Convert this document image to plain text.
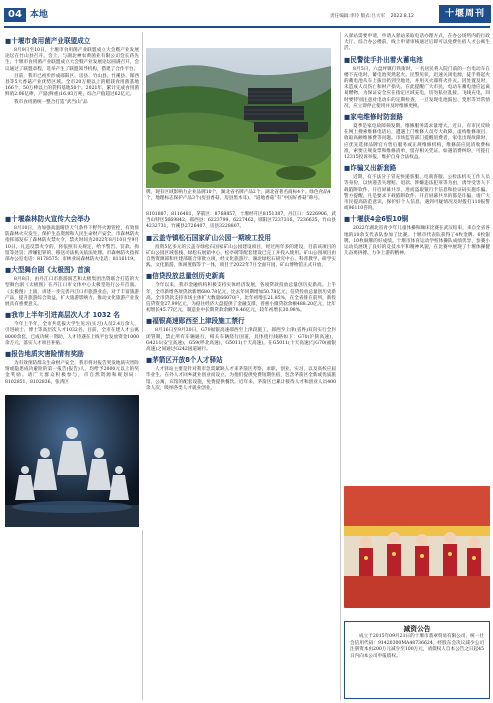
04 本地	责任编辑:李玲 版式:吕大军 2022.8.12	十堰周刊
■十堰市食用菌产业联盟成立
8月9日至10日，十堰市食用菌产业联盟成立大会暨产业发展论坛在竹山县召开。会上，与湖北神农黄菌业有限公司会长蒋先生、十堰市食用菌产业联盟成立大会暨产业发展论坛圆满召开，会议通过了联盟章程，选举产生了联盟领导机构，搭建了合作平台。
目前，我市已初步形成郧阳区、房县、竹山县、竹溪县、郧西县等5大香菇产业优势区域。全市20万椴以上的椴栽食用菌基地166个，50万棒以上的袋料基地50个。2021年，累计完成食用菌鲜销2.06亿棒，产量(鲜重)16.93万吨，综合产值超过62亿元。
我市食用菌统一整合打造“武当山”品
牌，现有区域影响力企业品牌10个，湖北省名牌产品2个，湖北省著名商标4个。绿色食品4个，地理标志保护产品3个(房县香菇、房县黑木耳)、“道地香菇”有“中国好香菇”称号。
■十堰森林防火宣传大会举办
8月10日，为加强高温晴热天气条件下野外火源管控，有效预防森林火灾发生，保护生态资源和人民生命财产安全，市森林防火指挥部发布了森林防火禁火令，禁火时间为2022年8月10日至9月10日。凡违反禁火令的，将依照有关规定，给予警告、罚款、拘留等处罚；涉嫌犯罪的，移送司法机关依法处理。市森林防火指挥部办公室电话：8178575；市林业局森林防火电话：8116119。
■大型舞台剧《太极图》首演
8月8日，由丹江口市旅游演艺和太极集团出资联合打造的大型舞台剧《太极图》在丹江口市文体中心太极堂进行公开首演。《太极图》上演，讲述一步完善丹江口市旅游业态，对于丰富旅游产品，提升旅游综合效益，扩大旅游影响力，推动文化旅游产业发展具有重要意义。
■我市上半年引进高层次人才 1032 名
今年上半年，全市共选拔大学生见习(实习)人员2.4万余人，引进硕士、博士等高层次人才1032名。目前，全市在建人才公寓8000余套，已成功统一资助，人才待遇在上线平台发放资金1000余万元，落实人才项目补贴。
■报告地质灾害险情有奖励
为有效预防群众生命财产安全，我市将对报告突发地质灾害险情或隐患成功避险的第一报告(报告)人，均给予2000元以上的奖金奖励。请广大群众积极参与，市自然资源和规划局：8102851、8102836，张湾区
8101887、8116481，茅箭区：8768857，十堰经开区8151387，丹江口：5226906，武当山特区5669842，郧西县：6223799、6227462，郧阳区7237316、7236635，竹山县4232731，竹溪县2726407，房县3228807。
■云盖寺镇松石国家矿山公园一期竣工投用
投资5亿多元的云盖寺绿松石国家矿山公园建设项目，经过两年多的建设，目前该项目的矿山公园区域客栈、绿松石展销中心、松亭碑等配套建设已完工并投入使用。矿山公园项目由自然资源部和住建部联合审批立项，经文化旅游厅、湖北绿松石研究中心、科普教学、研学实践、文化旅游、体闲度假等于一体，项目于2022年7月全面开园，矿山博物馆正式开放。
■信贷投放总量创历史新高
今年以来，我市金融机构积极支持实体经济发展，各项贷款投放总量创历史新高。上半年，全市新增各项贷款新增680.78亿元，比去年同期增加50.78亿元，信贷投放总量创历史新高。全市贷款支持市场主体扩大数量66070户，比年初增长21.85%，在全省排在前列，新投信贷资金27.99亿元，为稳住经济大盘提供了金融支撑，普惠小微贷款余额488.20亿元，比年初增长45.77亿元，制造业中长期贷款余额78.46亿元，较年初增长30.98%。
■福银高速郧西至上津段施工禁行
8月16日至9月30日，G70福银高速郧西至上津段施工，郧西至上津(省界)双向实行全封闭管制，禁止所有车辆通行，相关车辆绕行国道，具体绕行线路如下：G70(沪陕高速)，G4211(安宝高速)，G59(呼北高速)，G5011(十天高速)，在G5011(十天高速)与G70(福银高速)之间通过G242国道通行。
■茅箭区开放8个人才驿站
人才驿站主要是针对我市急需紧缺人才来茅箭区考察、求职、创业、实习，以及高校应届毕业生、在外人才回乡就业创业而设立，为他们提供免费短期住宿，包含茅箭区全新或优质旅馆、公寓、宾馆的配套设施，免费提供餐饮。近年来，茅箭区已累计接待人才和创业人员400余人次，吸纳各类人才就业创业。
入驿站需要申请，申请入驿站采取电话办理方式，在办公场所内的行政大厅、综合办公楼前，线上申请审核通过后即可以免费住宿人才公寓生活。
■民警徒手扑出着火蓄电池
8月5日，六盘坪镇打铁街时，一名居民将入院门前的一台电动车在楼下充电时，蓄电池突然起火。民警见状，迅速关闭电源，徒手将起火的蓄电池从车上拔出扔到空地处，并用灭火器将火扑灭。因处置及时，未造成人员伤亡和财产损失。在此提醒广大市民，电动车蓄电池应远离易燃物，为保证安全应在指定区域充电，切勿私拉乱接、飞线充电，同时要特别注意对电动车的定期检查，一旦发现电池鼓包、变形等异常情况，应立即停止使用并及时维修更换。
■家电维修时防套路
夏季是家电故障频发期，维修服务需求量增大。近日，有市民反映在网上搜索维修电话后，遭遇上门维修人员夸大故障、虚构维修项目、收取高额维修费等问题。市场监管部门提醒消费者，家电出现故障时，应优先选择品牌官方售后服务或正规维修机构，维修前应问清收费标准，索要正规发票和维修清单，留存相关凭证。如遇消费纠纷，可拨打12315投诉举报，维护自身合法权益。
■诈骗又出新套路
近期，有不法分子冒充快递客服、电商客服、公检法机关工作人员等身份，以快递丢失理赔、退款、涉嫌违法犯罪等为由，诱导受害人下载陷阱软件、开启屏幕共享，进而盗取银行卡信息和验证码实施诈骗。警方提醒，凡是要求下载陷阱软件、开启屏幕共享的都是诈骗，请广大市民提高防范意识，保护好个人信息，遇到可疑情况及时拨打110报警或96110咨询。
■十堰获4金6银10铜
2022年湖北省青少年儿童体操和蹦床比赛在武汉结束，来自全省各地的10余支代表队参加了比赛。十堰市代表队获得了4枚金牌、6枚银牌、10枚铜牌的好成绩。十堰市体育运动学校体操队成绩优异，参赛小运动员展现了良好的竞技水平和精神风貌，在比赛中展现了十堰体操健儿奋勇拼搏、力争上游的精神。
减资公告
成立于2015年09月21日的十堰市翡翠贸易有限公司，统一社会信用代码：91420300MA48736624，经股东会决议减少公司注册资本由200万元减少至100万元，请债权人自本公告之日起45日内向本公司申报债权。
